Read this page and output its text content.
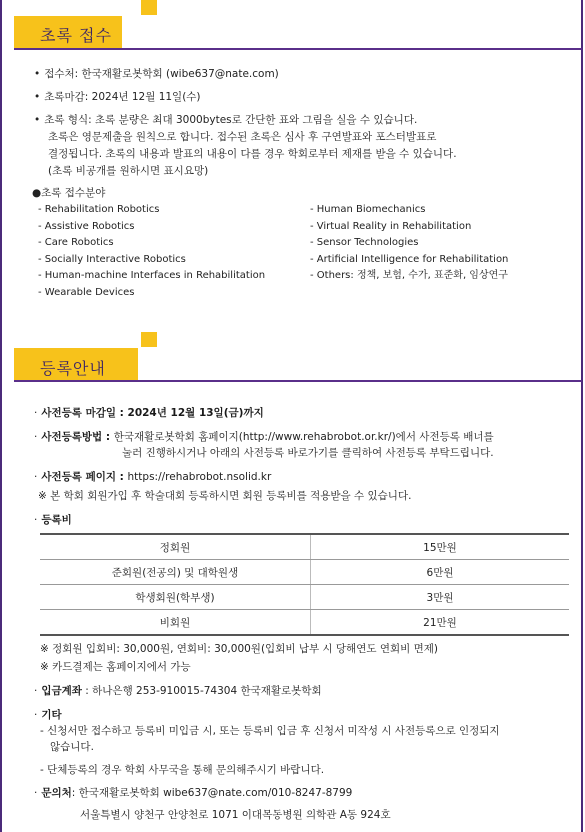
초록 접수
• 접수처: 한국재활로봇학회 (wibe637@nate.com)
• 초록마감: 2024년 12월 11일(수)
• 초록 형식: 초록 분량은 최대 3000bytes로 간단한 표와 그림을 실을 수 있습니다.
초록은 영문제출을 원칙으로 합니다. 접수된 초록은 심사 후 구연발표와 포스터발표로
결정됩니다. 초록의 내용과 발표의 내용이 다를 경우 학회로부터 제재를 받을 수 있습니다.
(초록 비공개를 원하시면 표시요망)
●초록 접수분야
- Rehabilitation Robotics
- Assistive Robotics
- Care Robotics
- Socially Interactive Robotics
- Human-machine Interfaces in Rehabilitation
- Wearable Devices
- Human Biomechanics
- Virtual Reality in Rehabilitation
- Sensor Technologies
- Artificial Intelligence for Rehabilitation
- Others: 정책, 보험, 수가, 표준화, 임상연구
등록안내
· 사전등록 마감일 : 2024년 12월 13일(금)까지
· 사전등록방법 : 한국재활로봇학회 홈페이지(http://www.rehabrobot.or.kr/)에서 사전등록 배너를
눌러 진행하시거나 아래의 사전등록 바로가기를 클릭하여 사전등록 부탁드립니다.
· 사전등록 페이지 : https://rehabrobot.nsolid.kr
※ 본 학회 회원가입 후 학술대회 등록하시면 회원 등록비를 적용받을 수 있습니다.
· 등록비
정회원	15만원
준회원(전공의) 및 대학원생	6만원
학생회원(학부생)	3만원
비회원	21만원
※ 정회원 입회비: 30,000원, 연회비: 30,000원(입회비 납부 시 당해연도 연회비 면제)
※ 카드결제는 홈페이지에서 가능
· 입금계좌 : 하나은행 253-910015-74304 한국재활로봇학회
· 기타
- 신청서만 접수하고 등록비 미입금 시, 또는 등록비 입금 후 신청서 미작성 시 사전등록으로 인정되지
않습니다.
- 단체등록의 경우 학회 사무국을 통해 문의해주시기 바랍니다.
· 문의처: 한국재활로봇학회 wibe637@nate.com/010-8247-8799
서울특별시 양천구 안양천로 1071 이대목동병원 의학관 A동 924호
